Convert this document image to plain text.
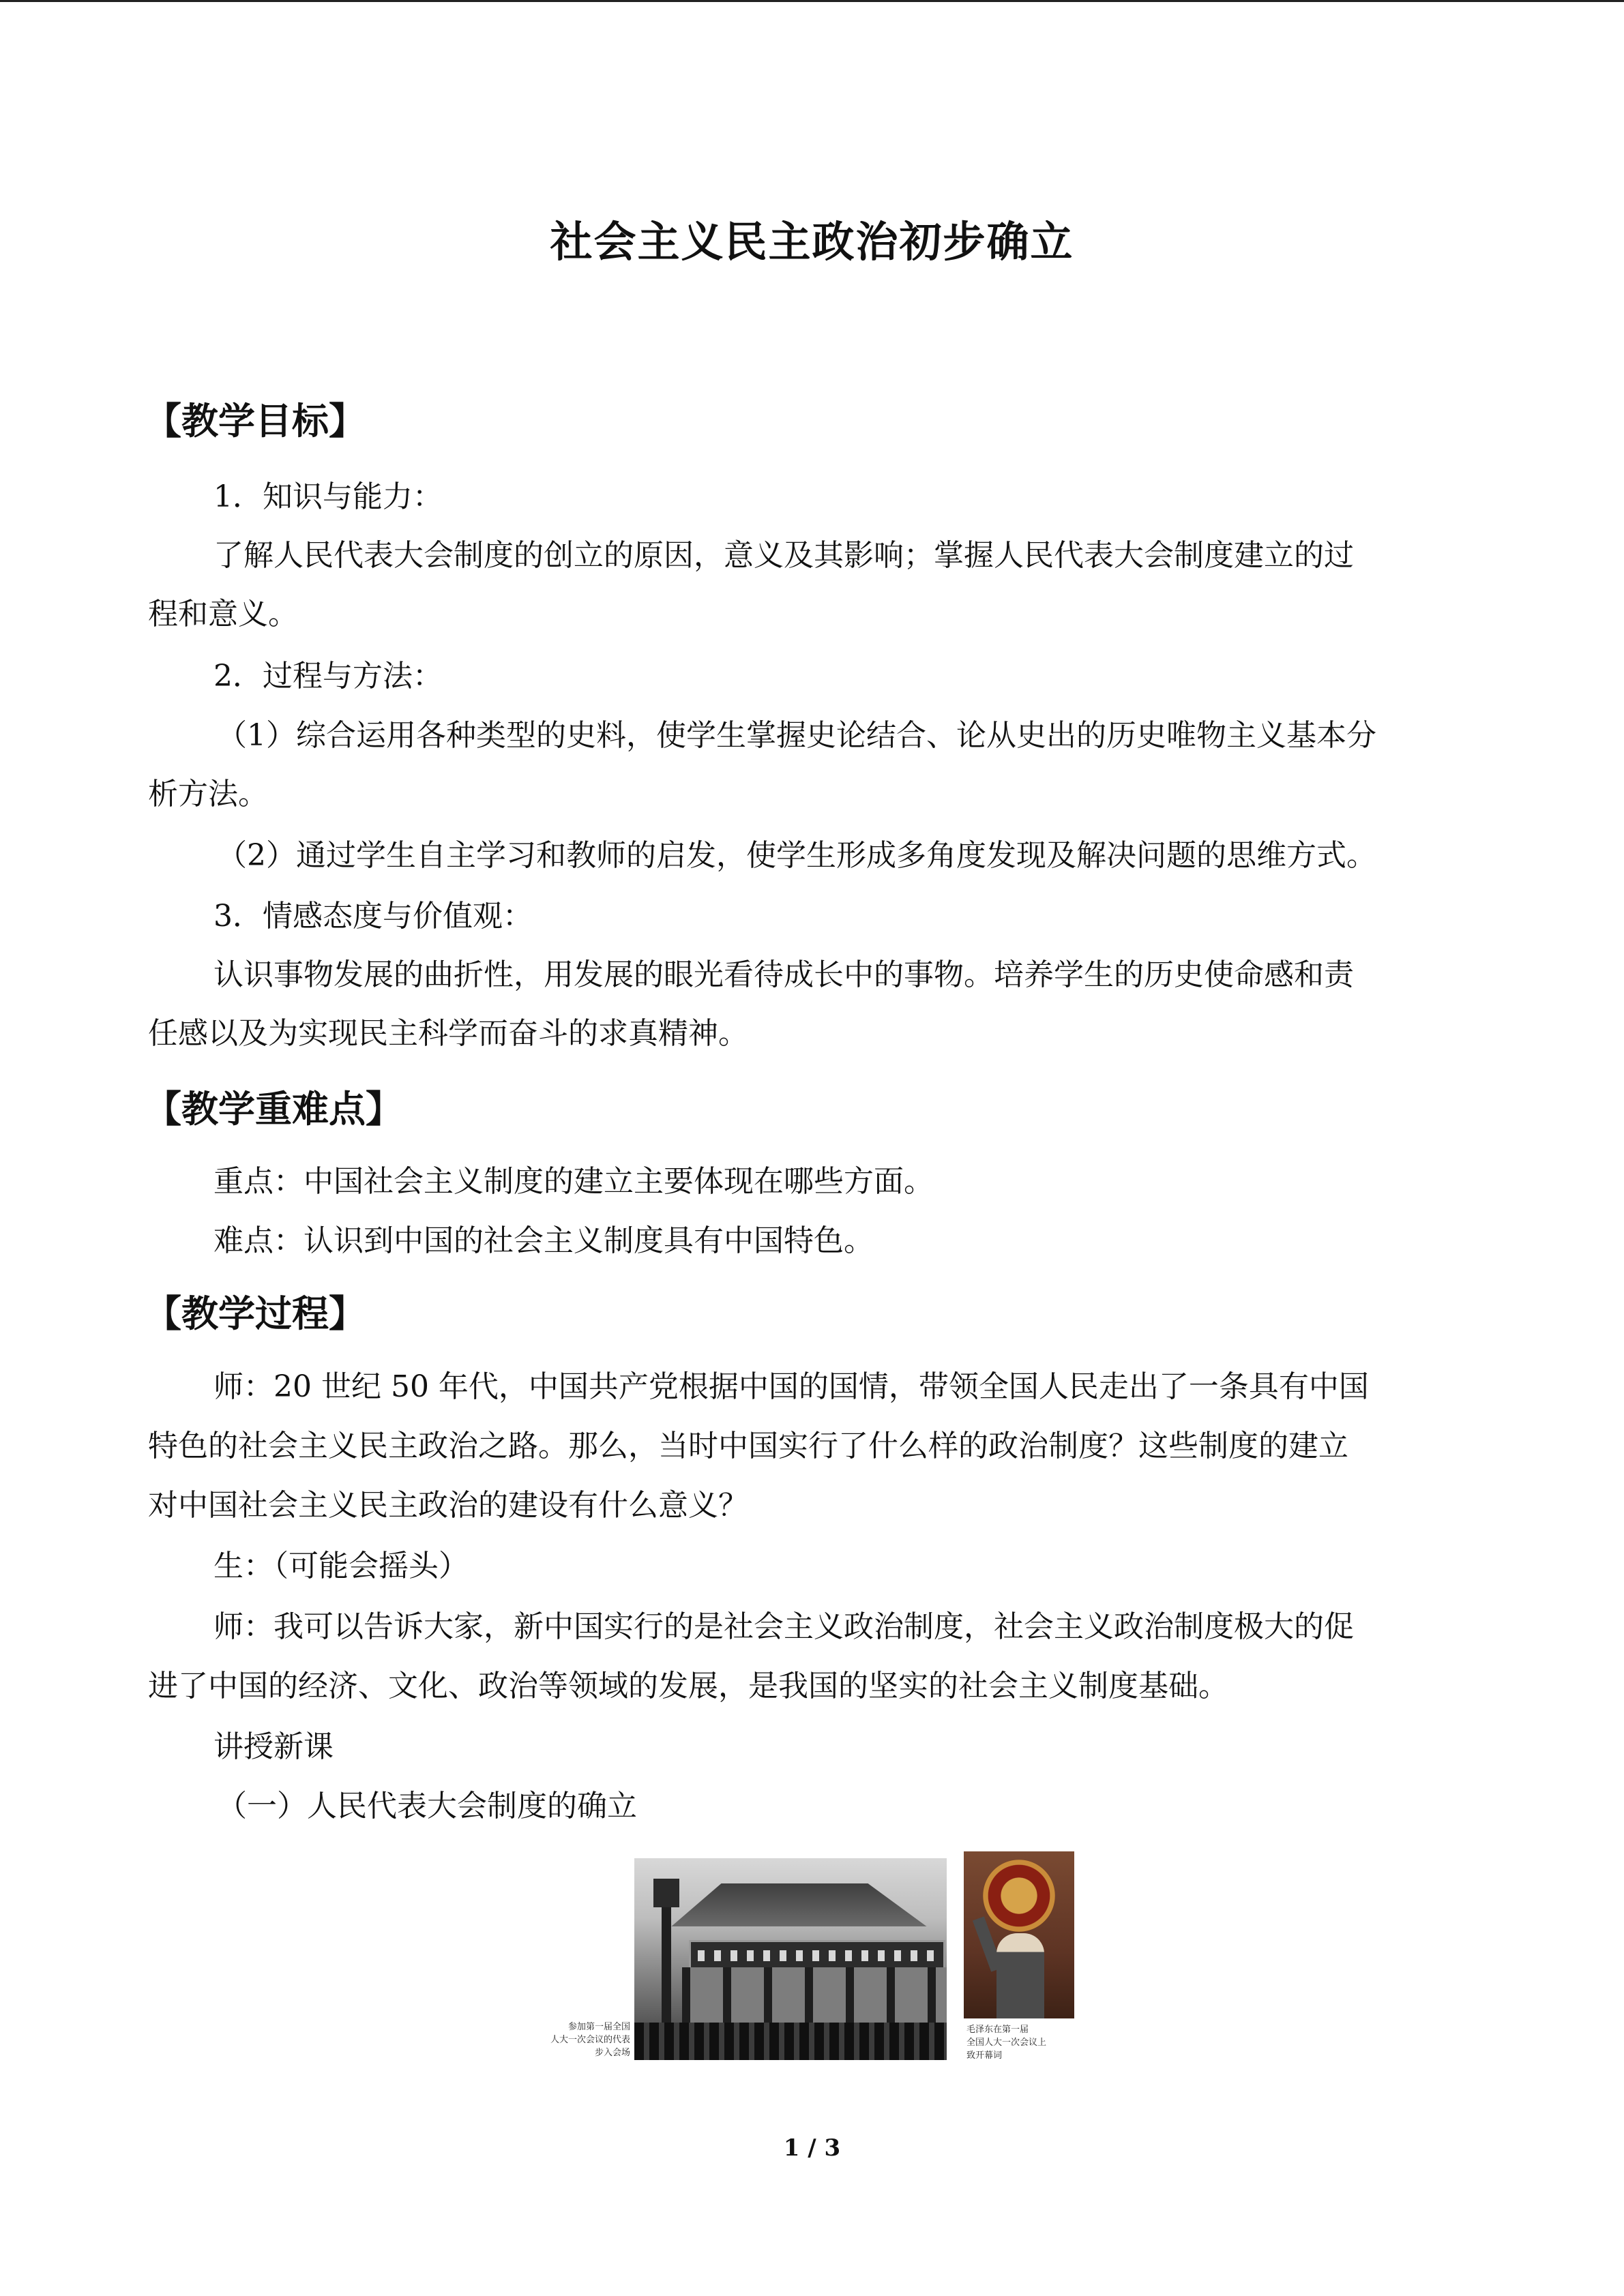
社会主义民主政治初步确立
【教学目标】
1．知识与能力：
了解人民代表大会制度的创立的原因，意义及其影响；掌握人民代表大会制度建立的过
程和意义。
2．过程与方法：
（1）综合运用各种类型的史料，使学生掌握史论结合、论从史出的历史唯物主义基本分
析方法。
（2）通过学生自主学习和教师的启发，使学生形成多角度发现及解决问题的思维方式。
3．情感态度与价值观：
认识事物发展的曲折性，用发展的眼光看待成长中的事物。培养学生的历史使命感和责
任感以及为实现民主科学而奋斗的求真精神。
【教学重难点】
重点：中国社会主义制度的建立主要体现在哪些方面。
难点：认识到中国的社会主义制度具有中国特色。
【教学过程】
师：20 世纪 50 年代，中国共产党根据中国的国情，带领全国人民走出了一条具有中国
特色的社会主义民主政治之路。那么，当时中国实行了什么样的政治制度？这些制度的建立
对中国社会主义民主政治的建设有什么意义？
生：（可能会摇头）
师：我可以告诉大家，新中国实行的是社会主义政治制度，社会主义政治制度极大的促
进了中国的经济、文化、政治等领域的发展，是我国的坚实的社会主义制度基础。
讲授新课
（一）人民代表大会制度的确立
参加第一届全国
人大一次会议的代表
步入会场
毛泽东在第一届
全国人大一次会议上
致开幕词
1 / 3
